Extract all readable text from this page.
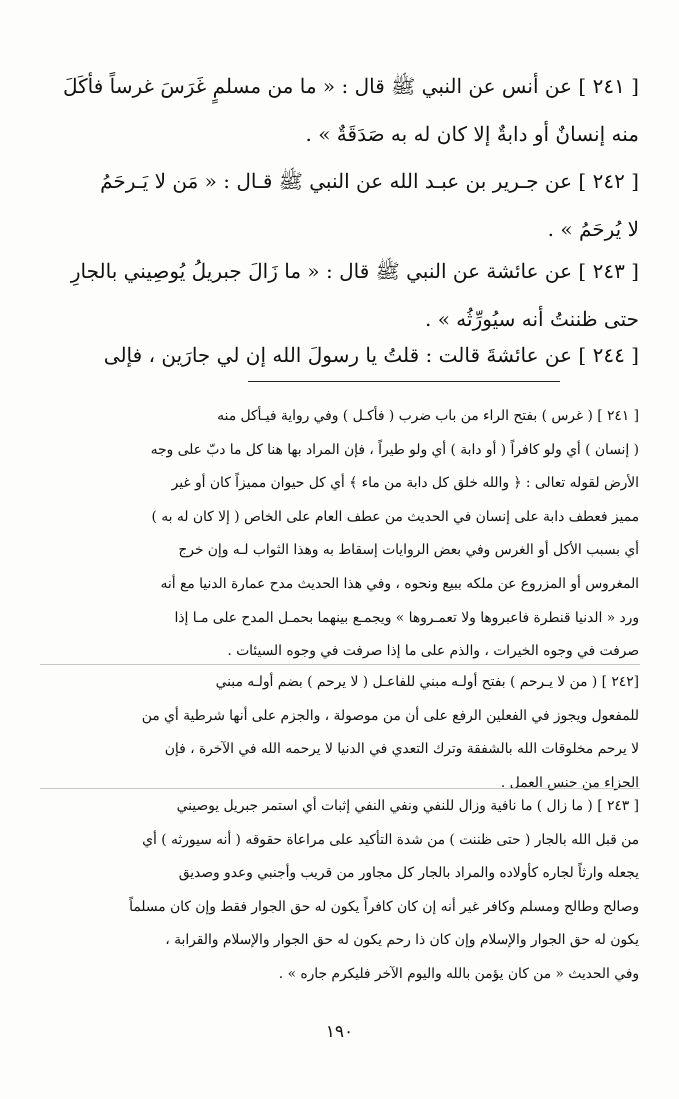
[ ٢٤١ ] عن أنس عن النبي ﷺ قال : « ما من مسلمٍ غَرَسَ غرساً فأكَلَ
منه إنسانٌ أو دابةٌ إلا كان له به صَدَقَةٌ » .
[ ٢٤٢ ] عن جـرير بن عبـد الله عن النبي ﷺ قـال : « مَن لا يَـرحَمُ
لا يُرحَمُ » .
[ ٢٤٣ ] عن عائشة عن النبي ﷺ قال : « ما زَالَ جبريلُ يُوصِيني بالجارِ
حتى ظننتُ أنه سيُورِّثُه » .
[ ٢٤٤ ] عن عائشةَ قالت : قلتُ يا رسولَ الله إن لي جارَين ، فإلى
[ ٢٤١ ] ( غرس ) بفتح الراء من باب ضرب ( فأكـل ) وفي رواية فيـأكل منه
( إنسان ) أي ولو كافراً ( أو دابة ) أي ولو طيراً ، فإن المراد بها هنا كل ما دبّ على وجه
الأرض لقوله تعالى : ﴿ والله خلق كل دابة من ماء ﴾ أي كل حيوان مميزاً كان أو غير
مميز فعطف دابة على إنسان في الحديث من عطف العام على الخاص ( إلا كان له به )
أي بسبب الأكل أو الغرس وفي بعض الروايات إسقاط به وهذا الثواب لـه وإن خرج
المغروس أو المزروع عن ملكه ببيع ونحوه ، وفي هذا الحديث مدح عمارة الدنيا مع أنه
ورد « الدنيا قنطرة فاعبروها ولا تعمـروها » ويجمـع بينهما بحمـل المدح على مـا إذا
صرفت في وجوه الخيرات ، والذم على ما إذا صرفت في وجوه السيئات .
[٢٤٢ ] ( من لا يـرحم ) بفتح أولـه مبني للفاعـل ( لا يرحم ) بضم أولـه مبني
للمفعول ويجوز في الفعلين الرفع على أن من موصولة ، والجزم على أنها شرطية أي من
لا يرحم مخلوقات الله بالشفقة وترك التعدي في الدنيا لا يرحمه الله في الآخرة ، فإن
الجزاء من جنس العمل .
[ ٢٤٣ ] ( ما زال ) ما نافية وزال للنفي ونفي النفي إثبات أي استمر جبريل يوصيني
من قبل الله بالجار ( حتى ظننت ) من شدة التأكيد على مراعاة حقوقه ( أنه سيورثه ) أي
يجعله وارثاً لجاره كأولاده والمراد بالجار كل مجاور من قريب وأجنبي وعدو وصديق
وصالح وطالح ومسلم وكافر غير أنه إن كان كافراً يكون له حق الجوار فقط وإن كان مسلماً
يكون له حق الجوار والإسلام وإن كان ذا رحم يكون له حق الجوار والإسلام والقرابة ،
وفي الحديث « من كان يؤمن بالله واليوم الآخر فليكرم جاره » .
١٩٠
